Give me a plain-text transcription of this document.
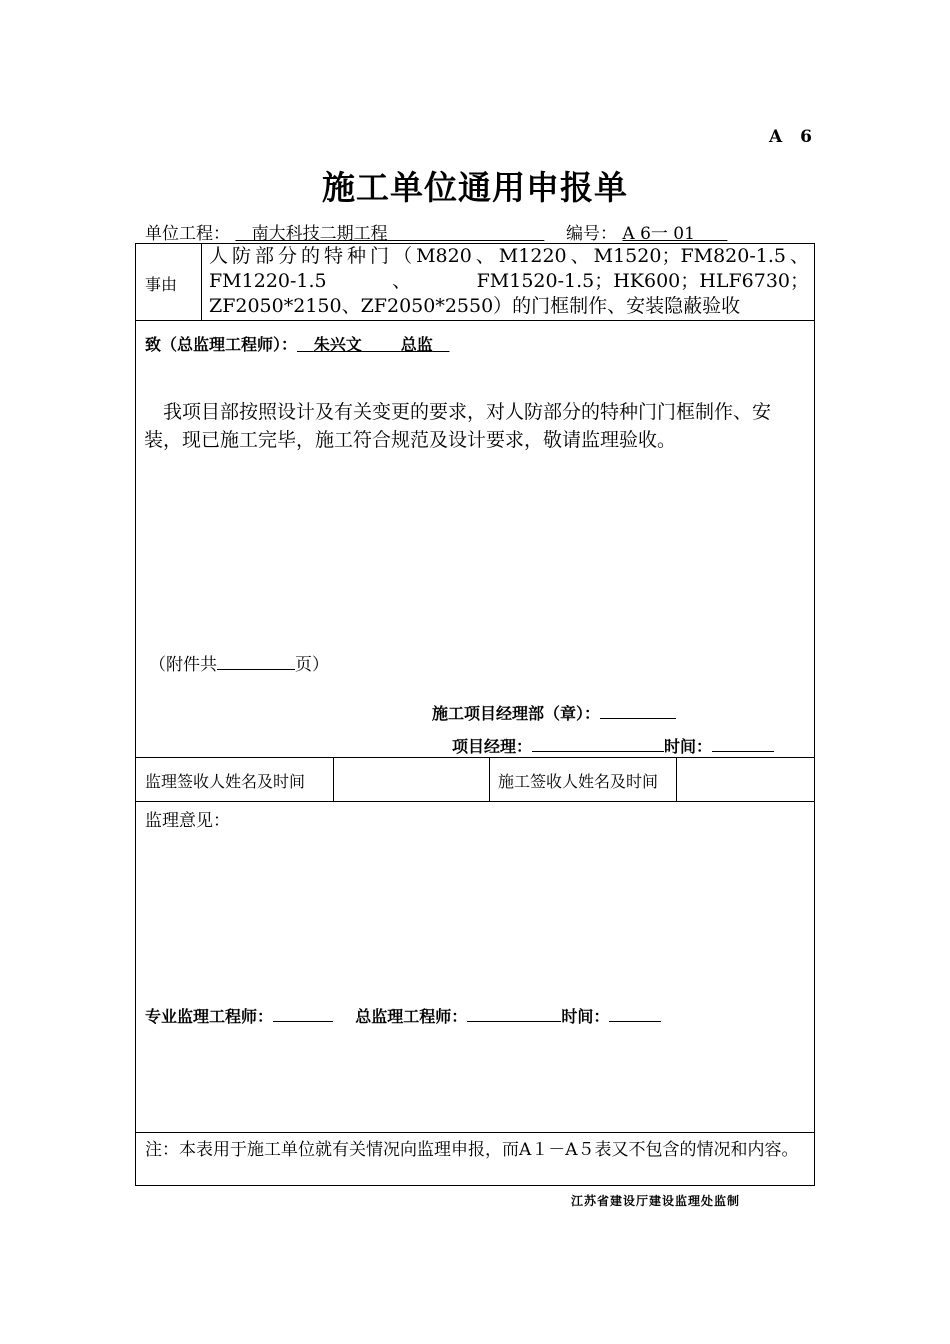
A 6
施工单位通用申报单
单位工程： 南大科技二期工程	编号： A 6一 01
事由
人防部分的特种门（M820、M1220、M1520；FM820-1.5、FM1220-1.5、FM1520-1.5；HK600；HLF6730；ZF2050*2150、ZF2050*2550）的门框制作、安装隐蔽验收
致（总监理工程师）： 朱兴文 总监
我项目部按照设计及有关变更的要求，对人防部分的特种门门框制作、安装，现已施工完毕，施工符合规范及设计要求，敬请监理验收。
（附件共	页）
施工项目经理部（章）：
项目经理：	时间：
监理签收人姓名及时间	施工签收人姓名及时间
监理意见：
专业监理工程师：	总监理工程师：	时间：
注：本表用于施工单位就有关情况向监理申报，而A１－A５表又不包含的情况和内容。
江苏省建设厅建设监理处监制
